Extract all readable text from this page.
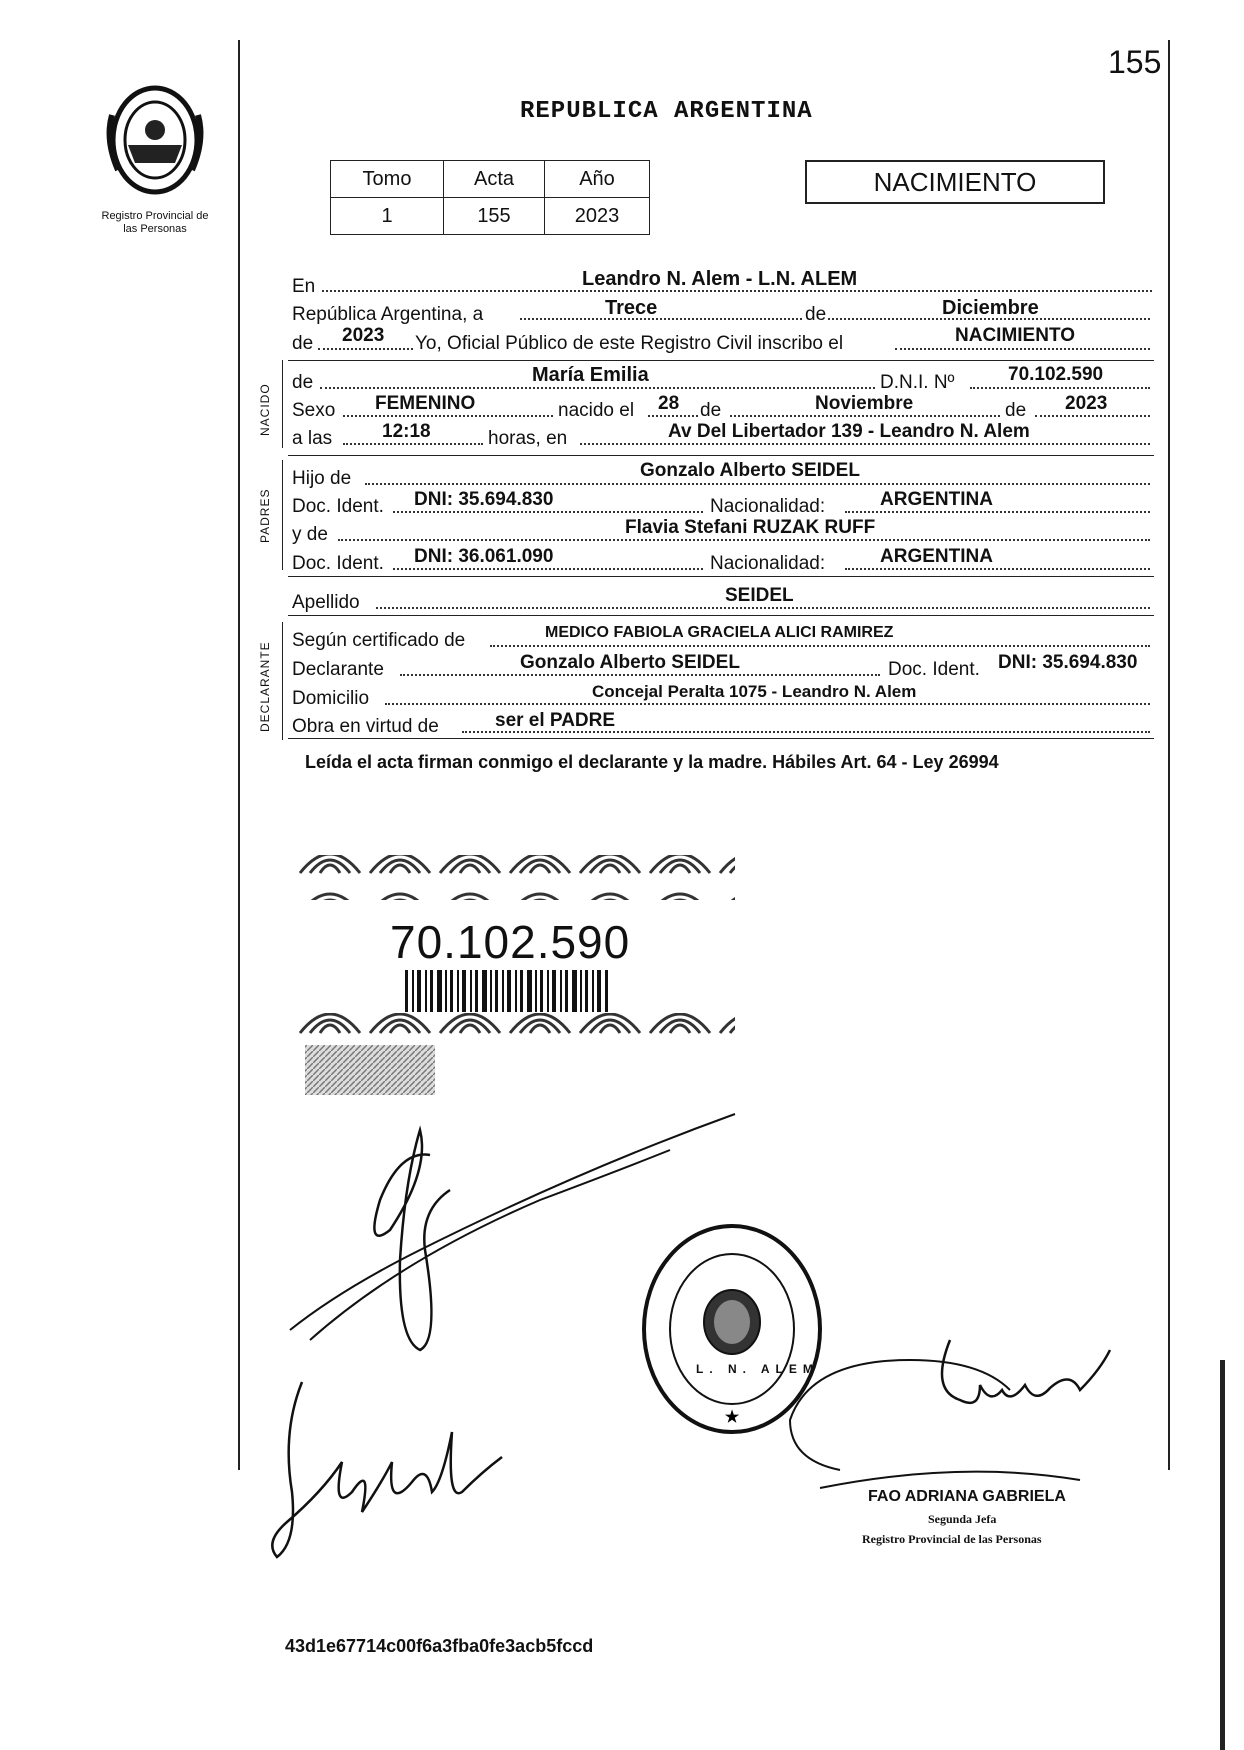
155
Registro Provincial de las Personas
REPUBLICA ARGENTINA
Tomo	Acta	Año
1	155	2023
NACIMIENTO
En	Leandro N. Alem - L.N. ALEM
República Argentina, a	Trece	de	Diciembre
de 2023 Yo, Oficial Público de este Registro Civil inscribo el	NACIMIENTO
NACIDO
de	María Emilia	D.N.I. Nº	70.102.590
Sexo FEMENINO	nacido el 28 de	Noviembre	de 2023
a las	12:18	horas, en	Av Del Libertador 139 - Leandro N. Alem
PADRES
Hijo de	Gonzalo Alberto SEIDEL
Doc. Ident. DNI: 35.694.830	Nacionalidad:	ARGENTINA
y de	Flavia Stefani RUZAK RUFF
Doc. Ident. DNI: 36.061.090	Nacionalidad:	ARGENTINA
Apellido	SEIDEL
DECLARANTE
Según certificado de	MEDICO FABIOLA GRACIELA ALICI RAMIREZ
Declarante	Gonzalo Alberto SEIDEL	Doc. Ident. DNI: 35.694.830
Domicilio	Concejal Peralta 1075 - Leandro N. Alem
Obra en virtud de	ser el PADRE
Leída el acta firman conmigo el declarante y la madre. Hábiles Art. 64 - Ley 26994
70.102.590
★
L. N. ALEM
FAO ADRIANA GABRIELA
Segunda Jefa
Registro Provincial de las Personas
43d1e67714c00f6a3fba0fe3acb5fccd
